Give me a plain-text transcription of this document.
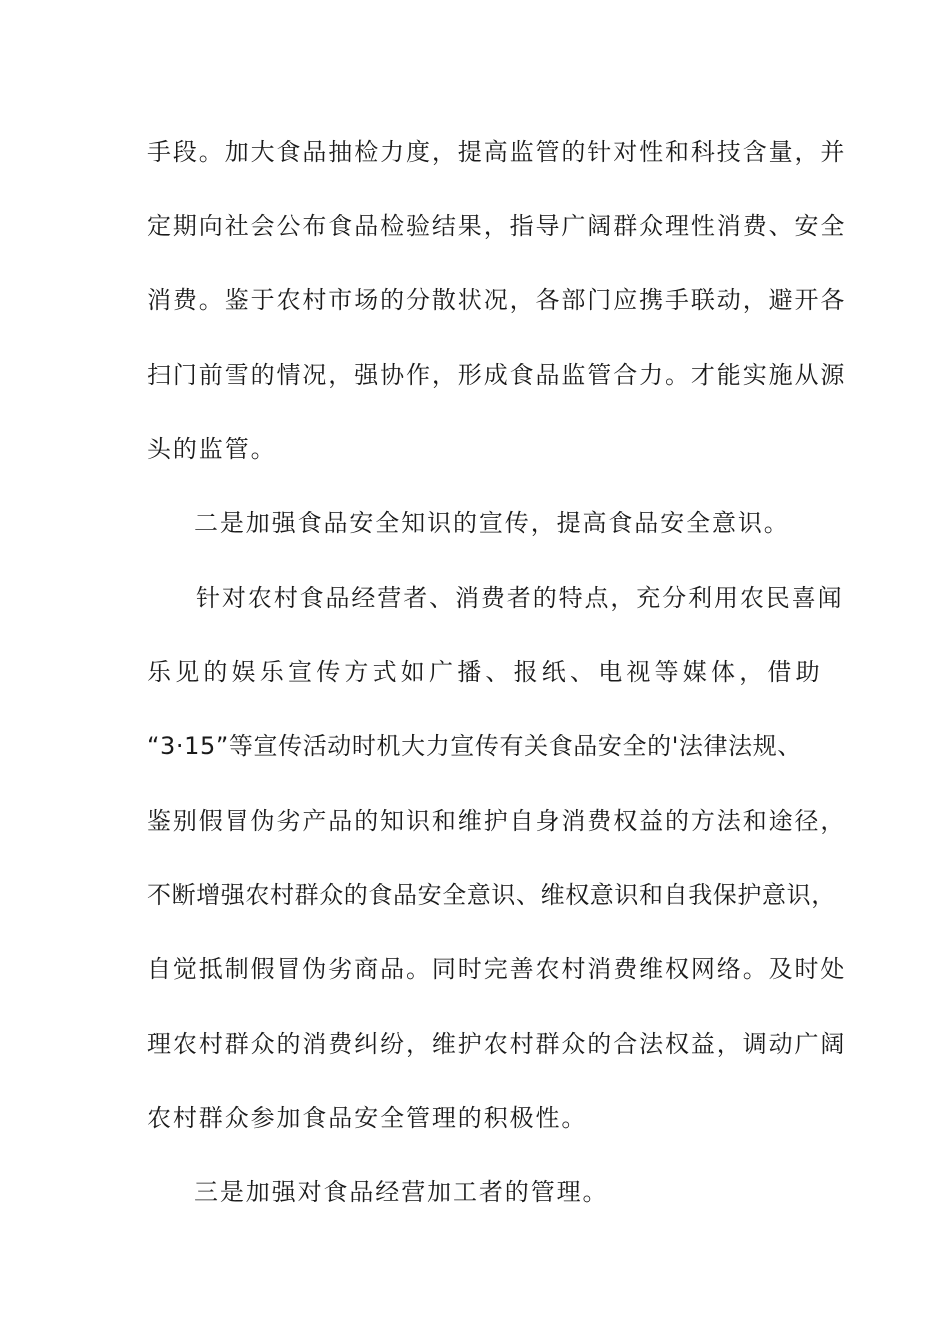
手段。加大食品抽检力度，提高监管的针对性和科技含量，并
定期向社会公布食品检验结果，指导广阔群众理性消费、安全
消费。鉴于农村市场的分散状况，各部门应携手联动，避开各
扫门前雪的情况，强协作，形成食品监管合力。才能实施从源
头的监管。
二是加强食品安全知识的宣传，提高食品安全意识。
针对农村食品经营者、消费者的特点，充分利用农民喜闻
乐见的娱乐宣传方式如广播、报纸、电视等媒体，借助
“3·15”等宣传活动时机大力宣传有关食品安全的'法律法规、
鉴别假冒伪劣产品的知识和维护自身消费权益的方法和途径，
不断增强农村群众的食品安全意识、维权意识和自我保护意识，
自觉抵制假冒伪劣商品。同时完善农村消费维权网络。及时处
理农村群众的消费纠纷，维护农村群众的合法权益，调动广阔
农村群众参加食品安全管理的积极性。
三是加强对食品经营加工者的管理。
